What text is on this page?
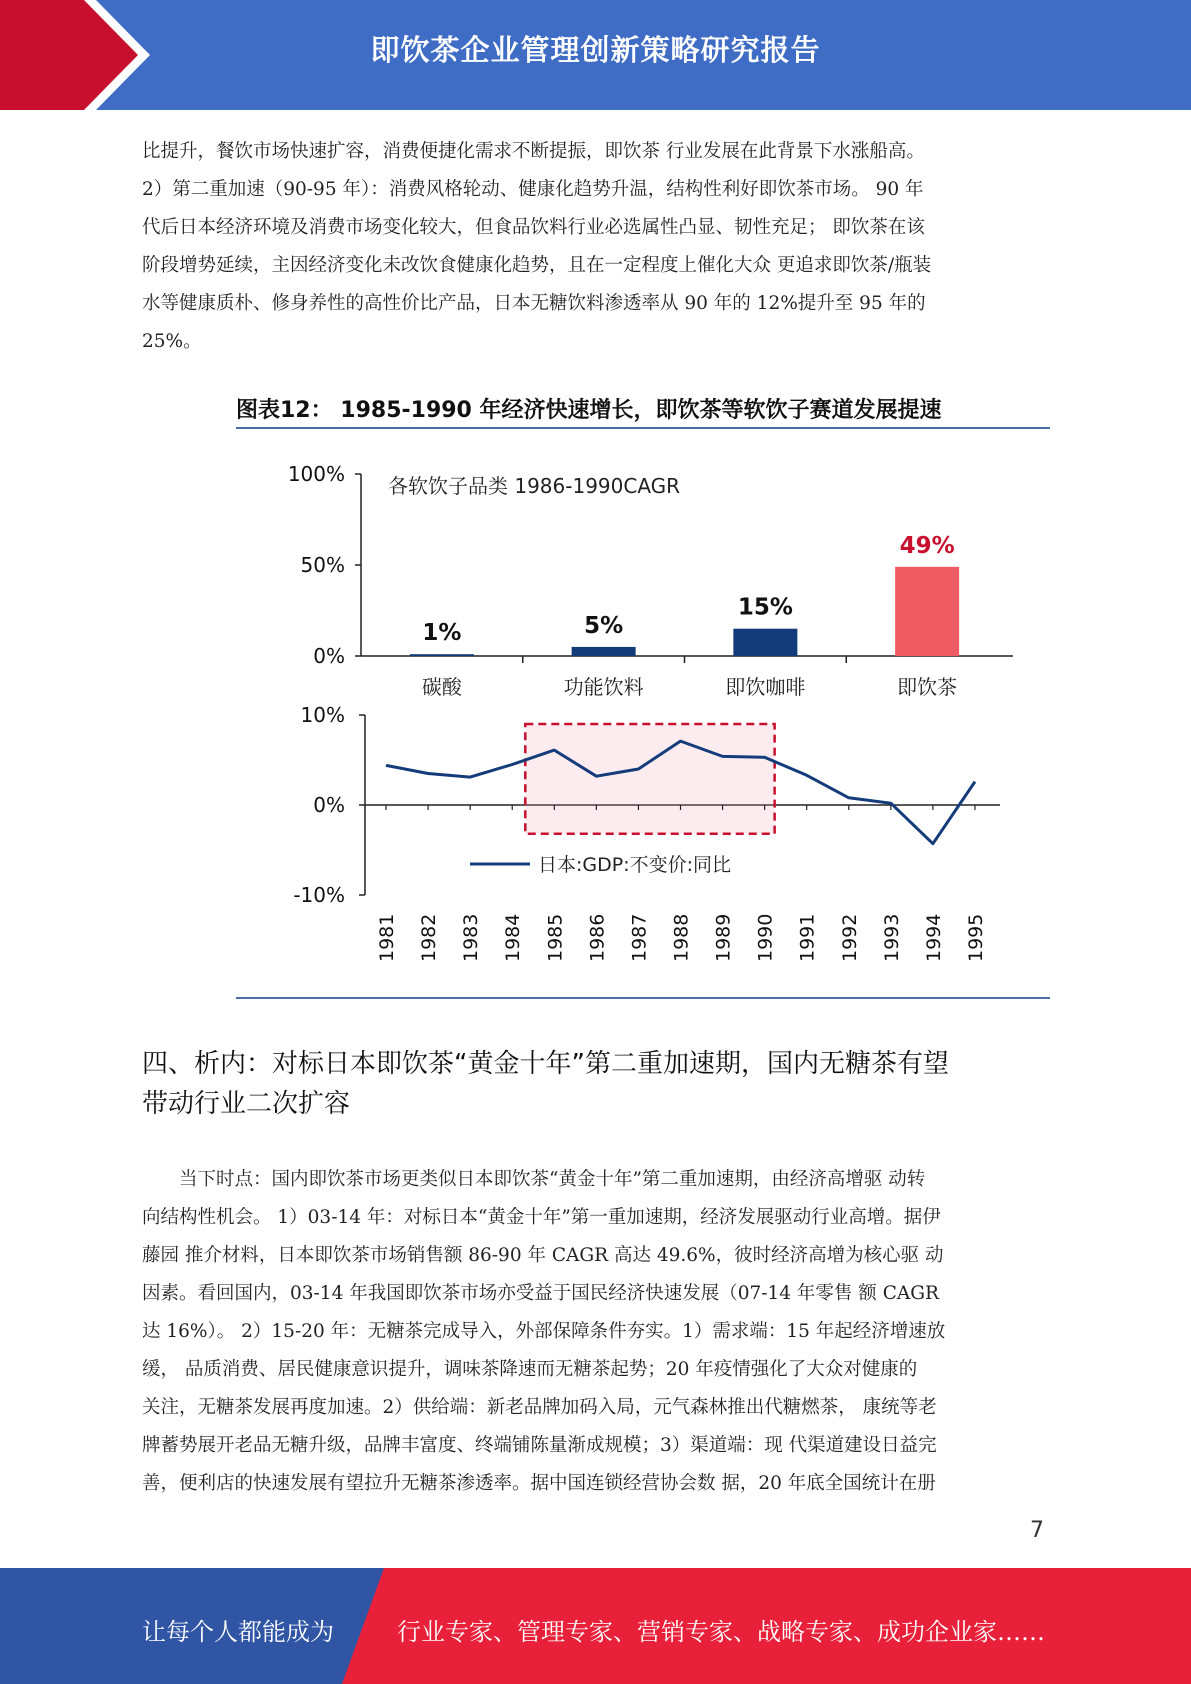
即饮茶企业管理创新策略研究报告
比提升，餐饮市场快速扩容，消费便捷化需求不断提振，即饮茶 行业发展在此背景下水涨船高。
2）第二重加速（90-95 年）：消费风格轮动、健康化趋势升温，结构性利好即饮茶市场。 90 年
代后日本经济环境及消费市场变化较大，但食品饮料行业必选属性凸显、韧性充足； 即饮茶在该
阶段增势延续，主因经济变化未改饮食健康化趋势，且在一定程度上催化大众 更追求即饮茶/瓶装
水等健康质朴、修身养性的高性价比产品，日本无糖饮料渗透率从 90 年的 12%提升至 95 年的
25%。
图表12： 1985-1990 年经济快速增长，即饮茶等软饮子赛道发展提速
0%
50%
100% 各软饮子品类 1986-1990CAGR
1%
碳酸
5%
功能饮料
15%
即饮咖啡
49%
即饮茶
-10%
0%
10%
1981 1982 1983 1984 1985 1986 1987 1988 1989 1990 1991 1992 1993 1994 1995
日本:GDP:不变价:同比
四、析内：对标日本即饮茶“黄金十年”第二重加速期，国内无糖茶有望
带动行业二次扩容
　　当下时点：国内即饮茶市场更类似日本即饮茶“黄金十年”第二重加速期，由经济高增驱 动转
向结构性机会。 1）03-14 年：对标日本“黄金十年”第一重加速期，经济发展驱动行业高增。据伊
藤园 推介材料，日本即饮茶市场销售额 86-90 年 CAGR 高达 49.6%，彼时经济高增为核心驱 动
因素。看回国内，03-14 年我国即饮茶市场亦受益于国民经济快速发展（07-14 年零售 额 CAGR
达 16%）。 2）15-20 年：无糖茶完成导入，外部保障条件夯实。1）需求端：15 年起经济增速放
缓， 品质消费、居民健康意识提升，调味茶降速而无糖茶起势；20 年疫情强化了大众对健康的
关注，无糖茶发展再度加速。2）供给端：新老品牌加码入局，元气森林推出代糖燃茶， 康统等老
牌蓄势展开老品无糖升级，品牌丰富度、终端铺陈量渐成规模；3）渠道端：现 代渠道建设日益完
善，便利店的快速发展有望拉升无糖茶渗透率。据中国连锁经营协会数 据，20 年底全国统计在册
7
让每个人都能成为	行业专家、管理专家、营销专家、战略专家、成功企业家……
